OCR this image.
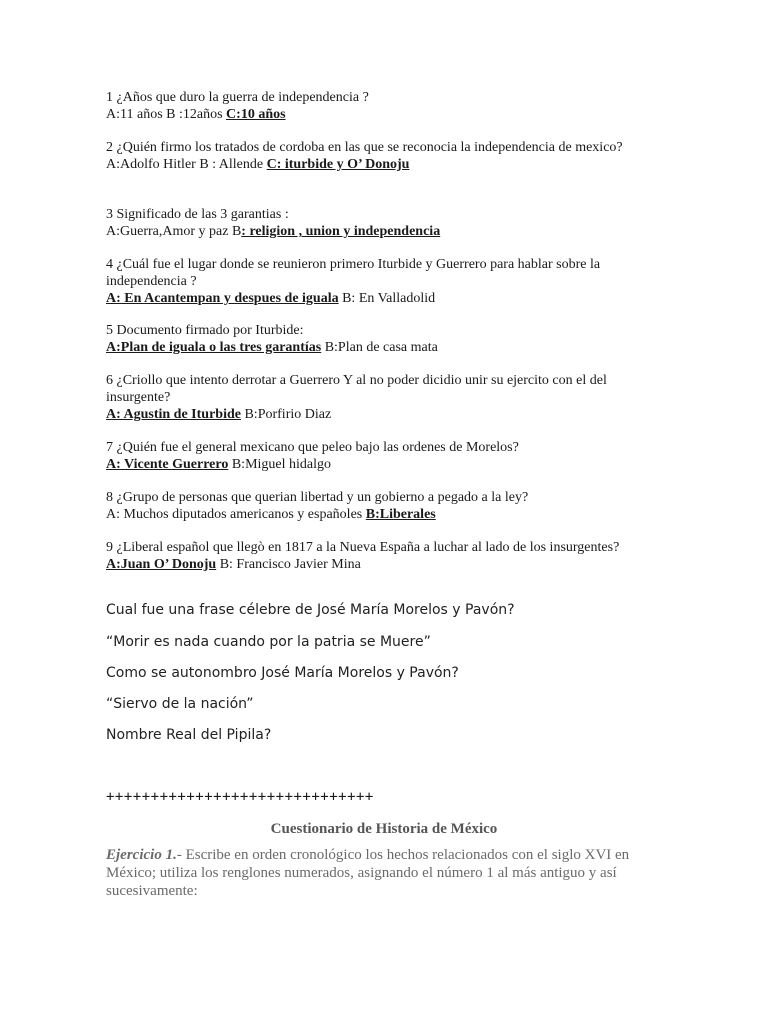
1 ¿Años que duro la guerra de independencia ?

A:11 años B :12años C:10 años

2 ¿Quién firmo los tratados de cordoba en las que se reconocia la independencia de mexico?

A:Adolfo Hitler B : Allende C: iturbide y O’ Donoju

3 Significado de las 3 garantias :

A:Guerra,Amor y paz B: religion , union y independencia

4 ¿Cuál fue el lugar donde se reunieron primero Iturbide y Guerrero para hablar sobre la independencia ?

A: En Acantempan y despues de iguala B: En Valladolid

5 Documento firmado por Iturbide:

A:Plan de iguala o las tres garantías B:Plan de casa mata

6 ¿Criollo que intento derrotar a Guerrero Y al no poder dicidio unir su ejercito con el del insurgente?

A: Agustin de Iturbide B:Porfirio Diaz

7 ¿Quién fue el general mexicano que peleo bajo las ordenes de Morelos?

A: Vicente Guerrero B:Miguel hidalgo

8 ¿Grupo de personas que querian libertad y un gobierno a pegado a la ley?

A: Muchos diputados americanos y españoles B:Liberales

9 ¿Liberal español que llegò en 1817 a la Nueva España a luchar al lado de los insurgentes?

A:Juan O’ Donoju B: Francisco Javier Mina

Cual fue una frase célebre de José María Morelos y Pavón?
“Morir es nada cuando por la patria se Muere”
Como se autonombro José María Morelos y Pavón?
“Siervo de la nación”
Nombre Real del Pipila?
++++++++++++++++++++++++++++++
Cuestionario de Historia de México
Ejercicio 1.- Escribe en orden cronológico los hechos relacionados con el siglo XVI en México; utiliza los renglones numerados, asignando el número 1 al más antiguo y así sucesivamente:
